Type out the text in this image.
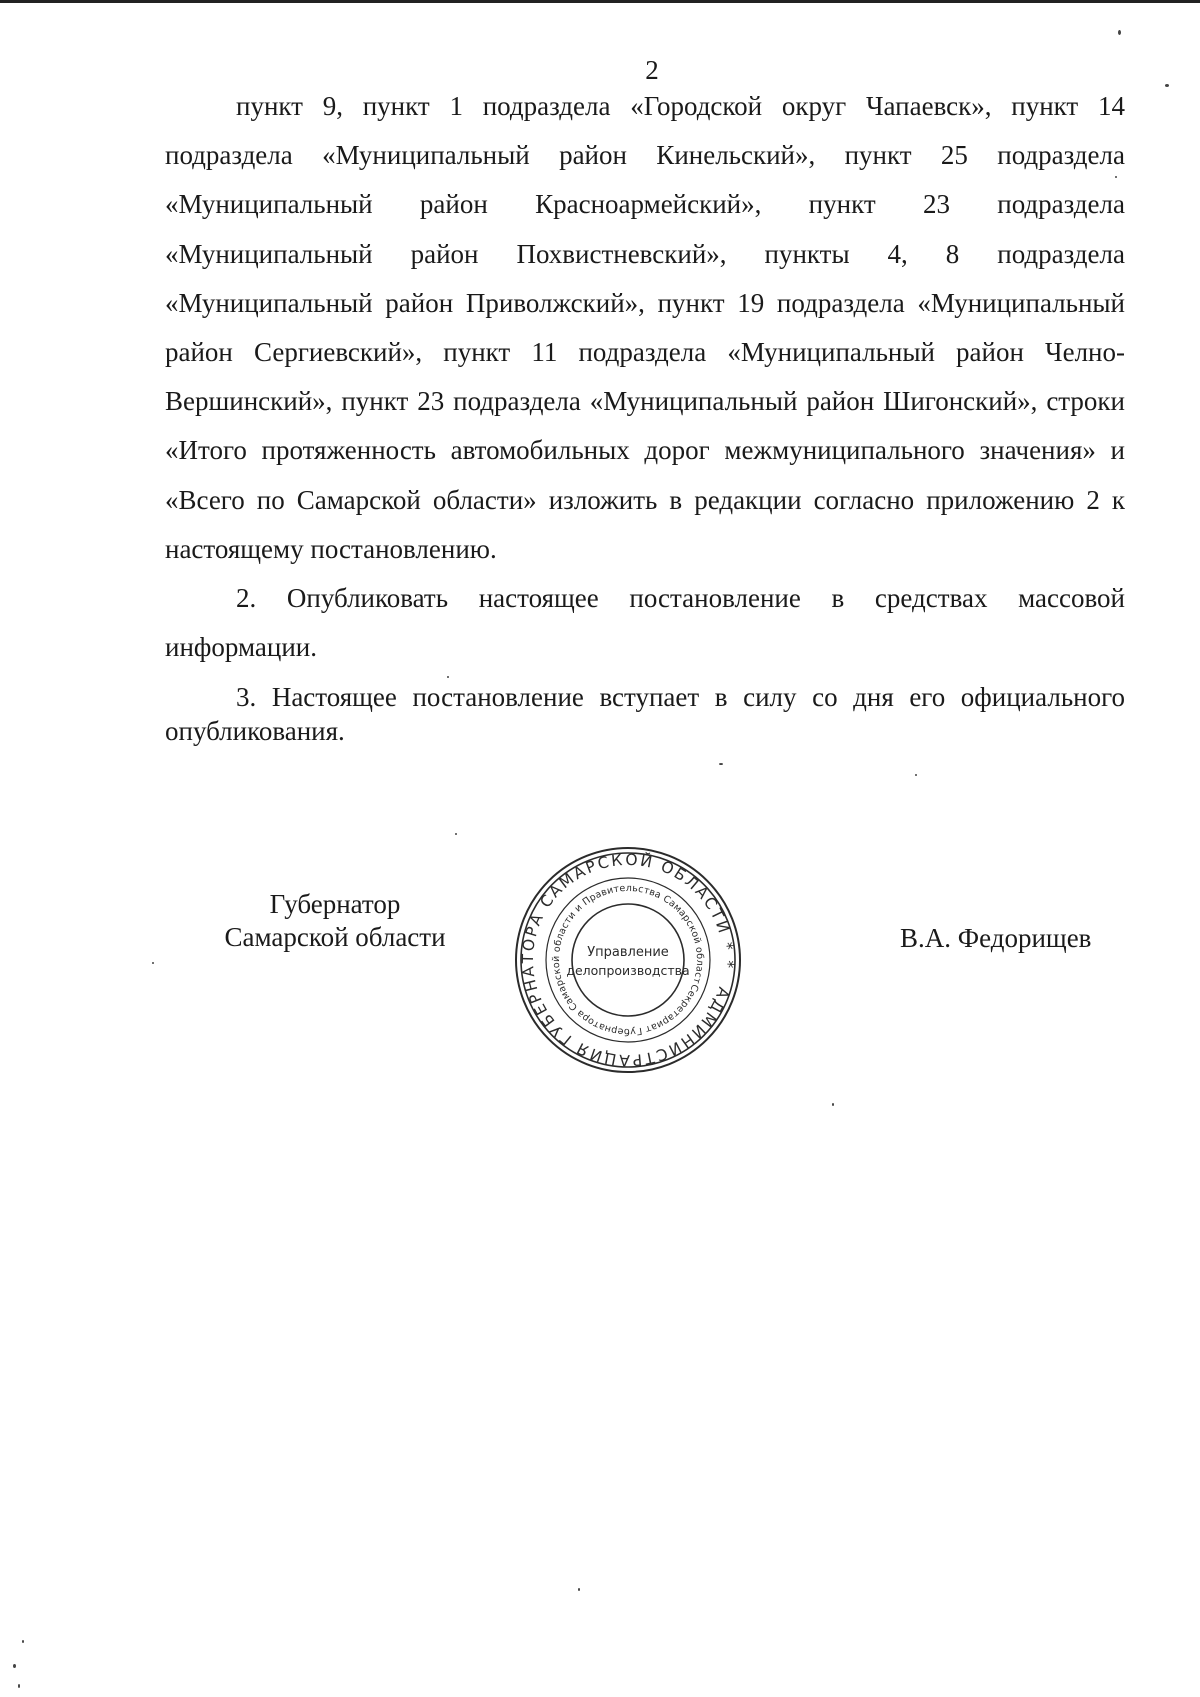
2

пункт 9, пункт 1 подраздела «Городской округ Чапаевск», пункт 14 подраздела «Муниципальный район Кинельский», пункт 25 подраздела «Муниципальный район Красноармейский», пункт 23 подраздела «Муниципальный район Похвистневский», пункты 4, 8 подраздела «Муниципальный район Приволжский», пункт 19 подраздела «Муниципальный район Сергиевский», пункт 11 подраздела «Муниципальный район Челно-Вершинский», пункт 23 подраздела «Муниципальный район Шигонский», строки «Итого протяженность автомобильных дорог межмуниципального значения» и «Всего по Самарской области» изложить в редакции согласно приложению 2 к настоящему постановлению.

2. Опубликовать настоящее постановление в средствах массовой информации.

3. Настоящее постановление вступает в силу со дня его официального опубликования.

Губернатор
Самарской области
АДМИНИСТРАЦИЯ ГУБЕРНАТОРА САМАРСКОЙ ОБЛАСТИ * *
Секретариат Губернатора Самарской области и Правительства Самарской области
Управление
делопроизводства
В.А. Федорищев
